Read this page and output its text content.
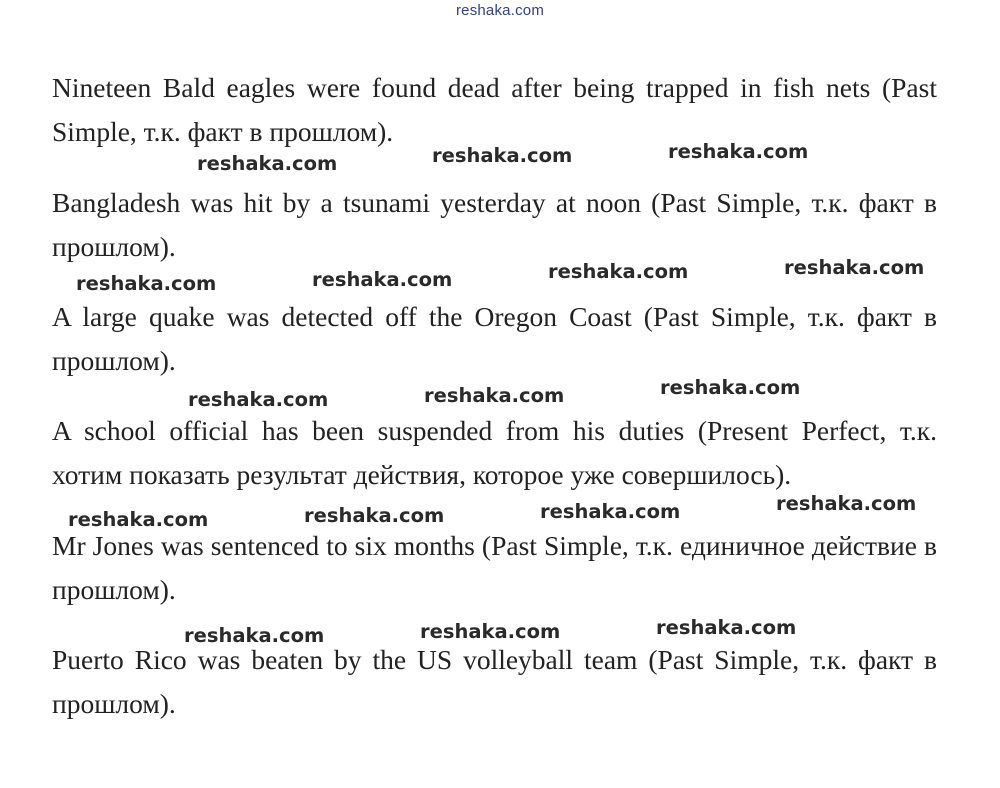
reshaka.com
Nineteen Bald eagles were found dead after being trapped in fish nets (Past Simple, т.к. факт в прошлом).
Bangladesh was hit by a tsunami yesterday at noon (Past Simple, т.к. факт в прошлом).
A large quake was detected off the Oregon Coast (Past Simple, т.к. факт в прошлом).
A school official has been suspended from his duties (Present Perfect, т.к. хотим показать результат действия, которое уже совершилось).
Mr Jones was sentenced to six months (Past Simple, т.к. единичное действие в прошлом).
Puerto Rico was beaten by the US volleyball team (Past Simple, т.к. факт в прошлом).
reshaka.com	reshaka.com	reshaka.com
reshaka.com	reshaka.com	reshaka.com	reshaka.com
reshaka.com	reshaka.com	reshaka.com
reshaka.com	reshaka.com	reshaka.com	reshaka.com
reshaka.com	reshaka.com	reshaka.com
